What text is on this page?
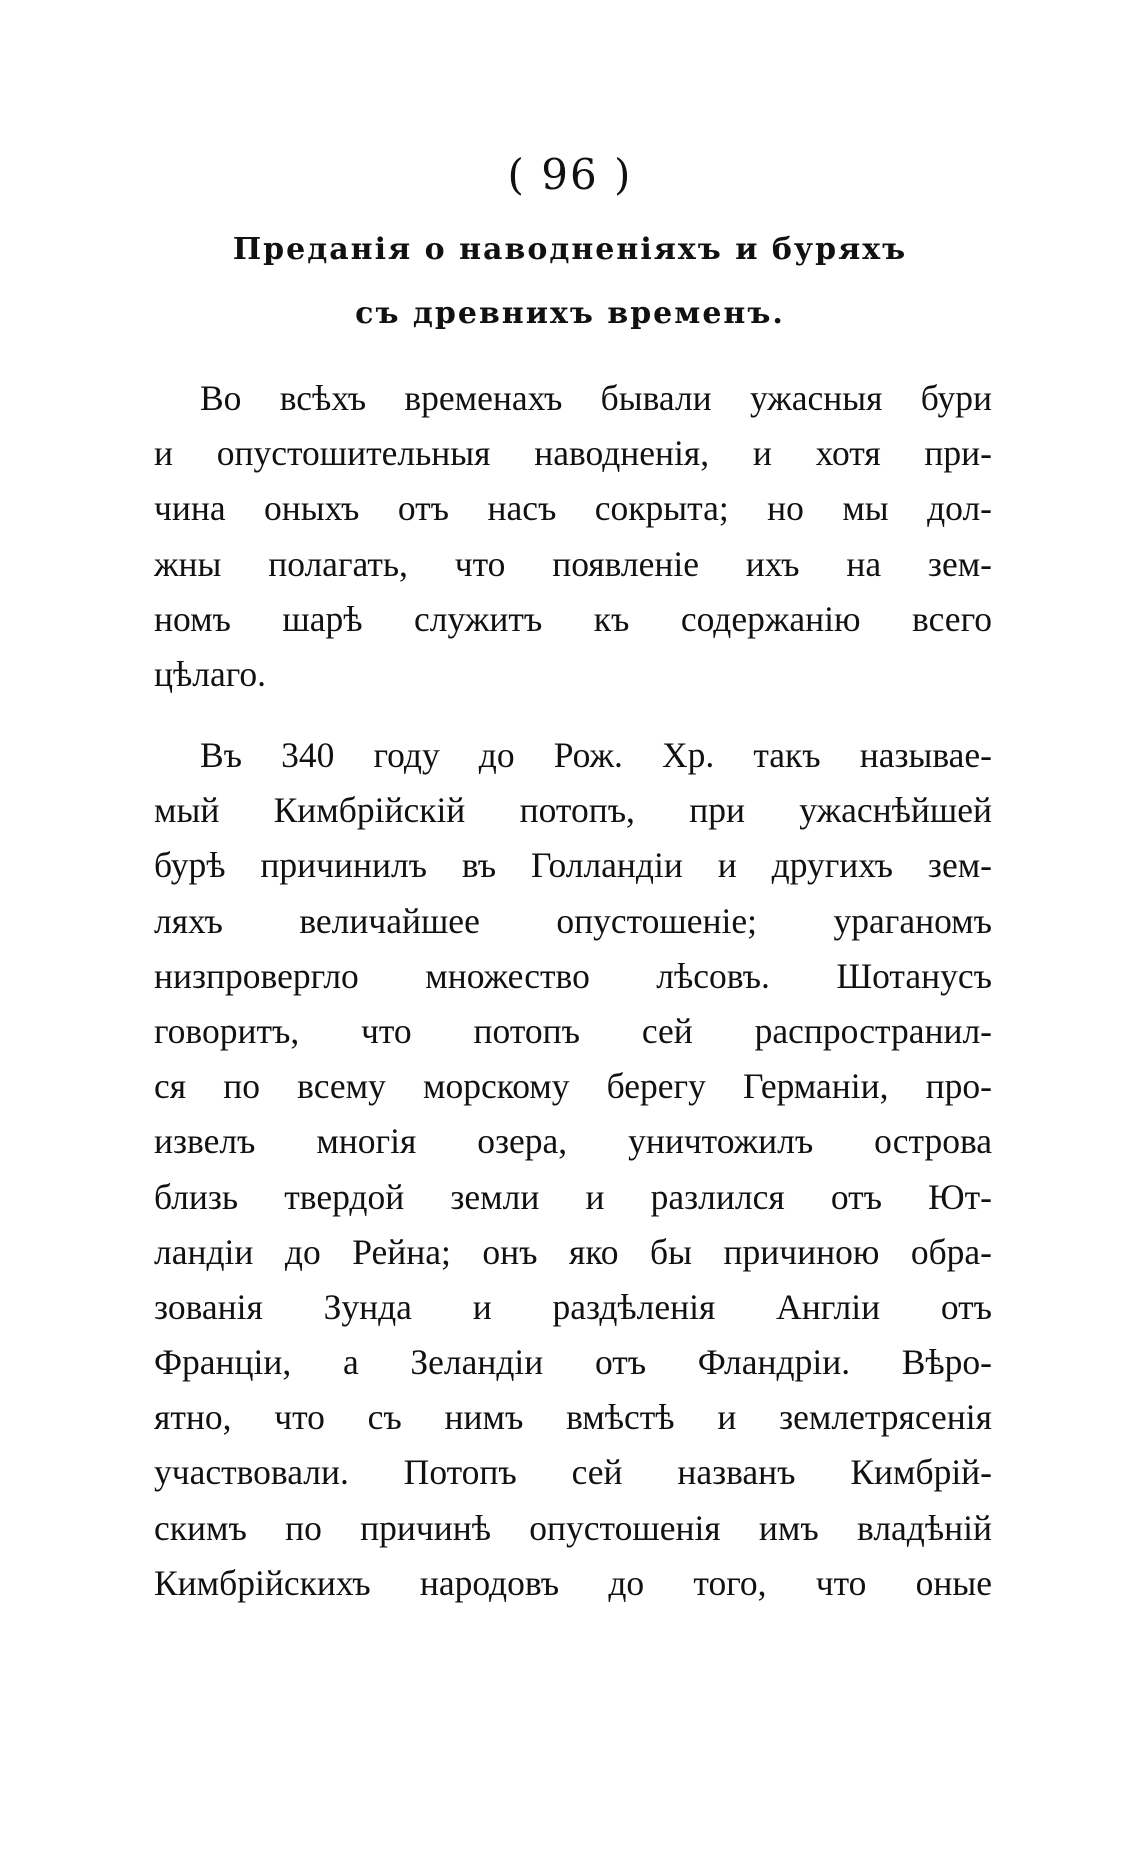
( 96 )
Преданія о наводненіяхъ и буряхъ
съ древнихъ временъ.
Во всѣхъ временахъ бывали ужасныя бури
и опустошительныя наводненія, и хотя при-
чина оныхъ отъ насъ сокрыта; но мы дол-
жны полагать, что появленіе ихъ на зем-
номъ шарѣ служитъ къ содержанію всего
цѣлаго.
Въ 340 году до Рож. Хр. такъ называе-
мый Кимбрійскій потопъ, при ужаснѣйшей
бурѣ причинилъ въ Голландіи и другихъ зем-
ляхъ величайшее опустошеніе; ураганомъ
низпровергло множество лѣсовъ. Шотанусъ
говоритъ, что потопъ сей распространил-
ся по всему морскому берегу Германіи, про-
извелъ многія озера, уничтожилъ острова
близь твердой земли и разлился отъ Ют-
ландіи до Рейна; онъ яко бы причиною обра-
зованія Зунда и раздѣленія Англіи отъ
Франціи, а Зеландіи отъ Фландріи. Вѣро-
ятно, что съ нимъ вмѣстѣ и землетрясенія
участвовали. Потопъ сей названъ Кимбрій-
скимъ по причинѣ опустошенія имъ владѣній
Кимбрійскихъ народовъ до того, что оные
